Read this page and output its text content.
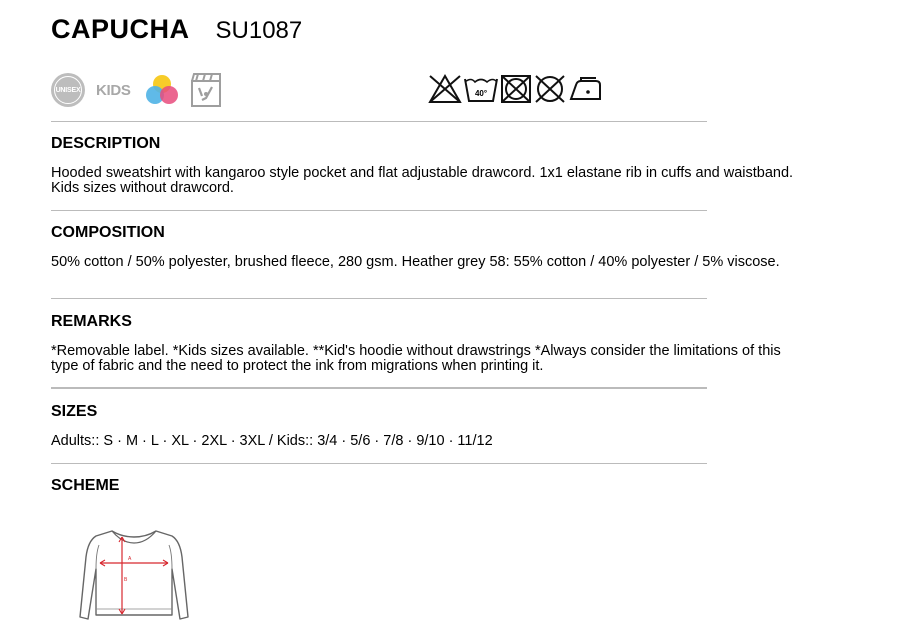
CAPUCHA SU1087
UNISEX KIDS	40°
DESCRIPTION
Hooded sweatshirt with kangaroo style pocket and flat adjustable drawcord. 1x1 elastane rib in cuffs and waistband. Kids sizes without drawcord.
COMPOSITION
50% cotton / 50% polyester, brushed fleece, 280 gsm. Heather grey 58: 55% cotton / 40% polyester / 5% viscose.
REMARKS
*Removable label. *Kids sizes available. **Kid's hoodie without drawstrings *Always consider the limitations of this type of fabric and the need to protect the ink from migrations when printing it.
SIZES
Adults:: S · M · L · XL · 2XL · 3XL / Kids:: 3/4 · 5/6 · 7/8 · 9/10 · 11/12
SCHEME
A
B
